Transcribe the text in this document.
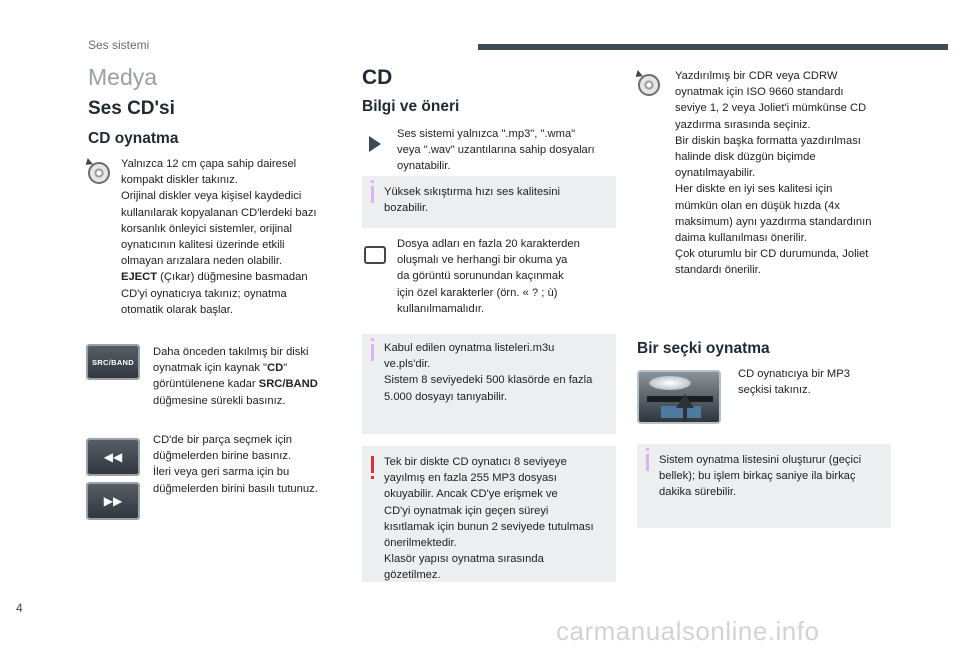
Ses sistemi
Medya
Ses CD'si
CD oynatma
Yalnızca 12 cm çapa sahip dairesel
kompakt diskler takınız.
Orijinal diskler veya kişisel kaydedici
kullanılarak kopyalanan CD'lerdeki bazı
korsanlık önleyici sistemler, orijinal
oynatıcının kalitesi üzerinde etkili
olmayan arızalara neden olabilir.
EJECT (Çıkar) düğmesine basmadan
CD'yi oynatıcıya takınız; oynatma
otomatik olarak başlar.
SRC/BAND
Daha önceden takılmış bir diski
oynatmak için kaynak "CD"
görüntülenene kadar SRC/BAND
düğmesine sürekli basınız.
◀◀
▶▶
CD'de bir parça seçmek için
düğmelerden birine basınız.
İleri veya geri sarma için bu
düğmelerden birini basılı tutunuz.
CD
Bilgi ve öneri
Ses sistemi yalnızca ".mp3", ".wma"
veya ".wav" uzantılarına sahip dosyaları
oynatabilir.
Yüksek sıkıştırma hızı ses kalitesini
bozabilir.
Dosya adları en fazla 20 karakterden
oluşmalı ve herhangi bir okuma ya
da görüntü sorunundan kaçınmak
için özel karakterler (örn. « ? ; ù)
kullanılmamalıdır.
Kabul edilen oynatma listeleri.m3u
ve.pls'dir.
Sistem 8 seviyedeki 500 klasörde en fazla
5.000 dosyayı tanıyabilir.
Tek bir diskte CD oynatıcı 8 seviyeye
yayılmış en fazla 255 MP3 dosyası
okuyabilir. Ancak CD'ye erişmek ve
CD'yi oynatmak için geçen süreyi
kısıtlamak için bunun 2 seviyede tutulması
önerilmektedir.
Klasör yapısı oynatma sırasında
gözetilmez.
Yazdırılmış bir CDR veya CDRW
oynatmak için ISO 9660 standardı
seviye 1, 2 veya Joliet'i mümkünse CD
yazdırma sırasında seçiniz.
Bir diskin başka formatta yazdırılması
halinde disk düzgün biçimde
oynatılmayabilir.
Her diskte en iyi ses kalitesi için
mümkün olan en düşük hızda (4x
maksimum) aynı yazdırma standardının
daima kullanılması önerilir.
Çok oturumlu bir CD durumunda, Joliet
standardı önerilir.
Bir seçki oynatma
CD oynatıcıya bir MP3
seçkisi takınız.
Sistem oynatma listesini oluşturur (geçici
bellek); bu işlem birkaç saniye ila birkaç
dakika sürebilir.
4
carmanualsonline.info
